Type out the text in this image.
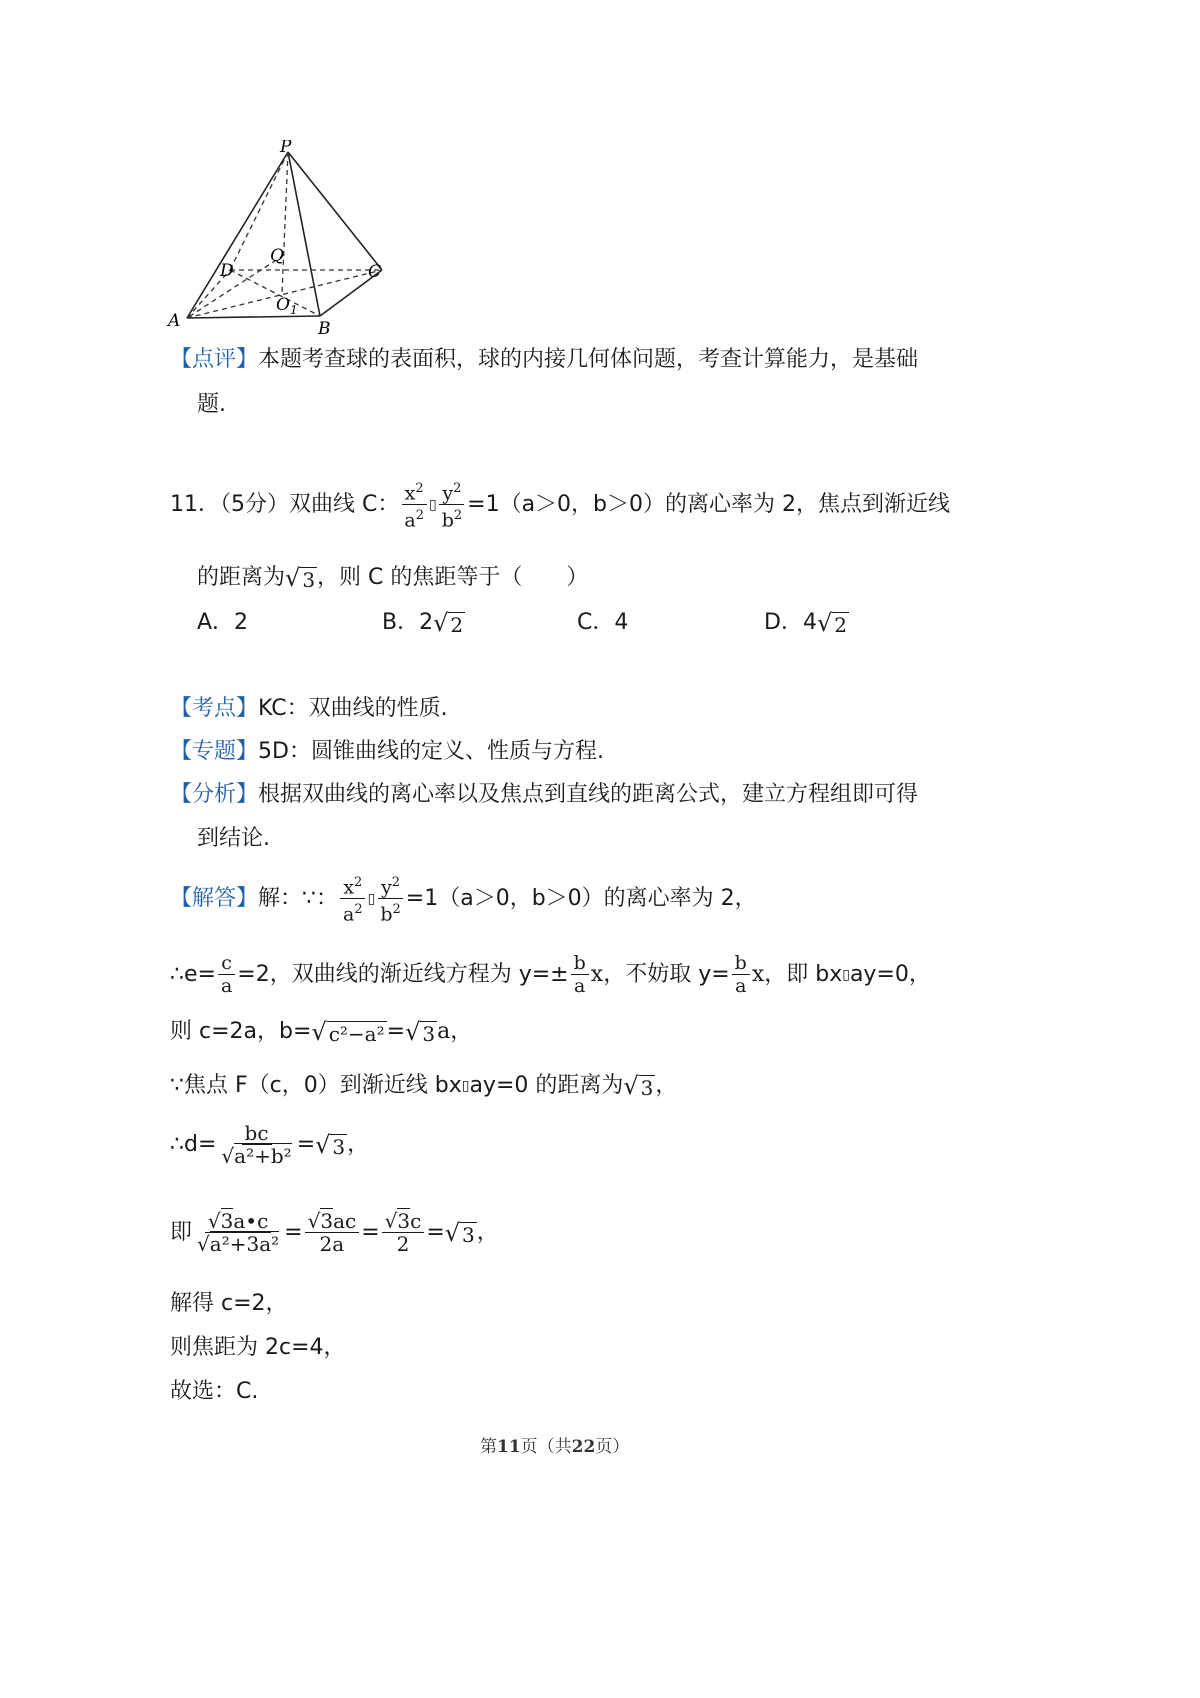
P
Q
D	C
A	B
$O_1$
【点评】本题考查球的表面积，球的内接几何体问题，考查计算能力，是基础
题.
11．（5分）双曲线 C： $\frac{x^2}{a^2}$ ▯ $\frac{y^2}{b^2} =1(a>0$，b＞0）的离心率为 2，焦点到渐近线
的距离为 √ 3 ，则 C 的焦距等于（　　）
A．2	B．2 √ 2	C．4	D．4 √ 2
【考点】KC：双曲线的性质.
【专题】5D：圆锥曲线的定义、性质与方程.
【分析】根据双曲线的离心率以及焦点到直线的距离公式，建立方程组即可得
到结论.
【解答】 解：∵： $\frac{x^2}{a^2}$ ▯ $\frac{y^2}{b^2} =1(a>0$，b＞0）的离心率为 2，
∴e= $\frac{c}{a} =2$，双曲线的渐近线方程为 $y=\pm \frac{b}{a}$ x ，不妨取 $y= \frac{b}{a}$ x ，即 bx ▯ ay=0，
则 c=2a，b= √ c²−a² = √ 3 a，
∵焦点 F（c，0）到渐近线 bx ▯ ay=0 的距离为 √ 3 ，
∴d= $\frac{bc}{\text{√a²+b²}}$ = √ 3 ，
即 $\frac{√3a•c}{\text{√a²+3a²}} = \frac{√3ac}{2a} = \frac{√3c}{2}$ = √ 3 ，
解得 c=2，
则焦距为 2c=4，
故选：C.
第11页（共22页）
